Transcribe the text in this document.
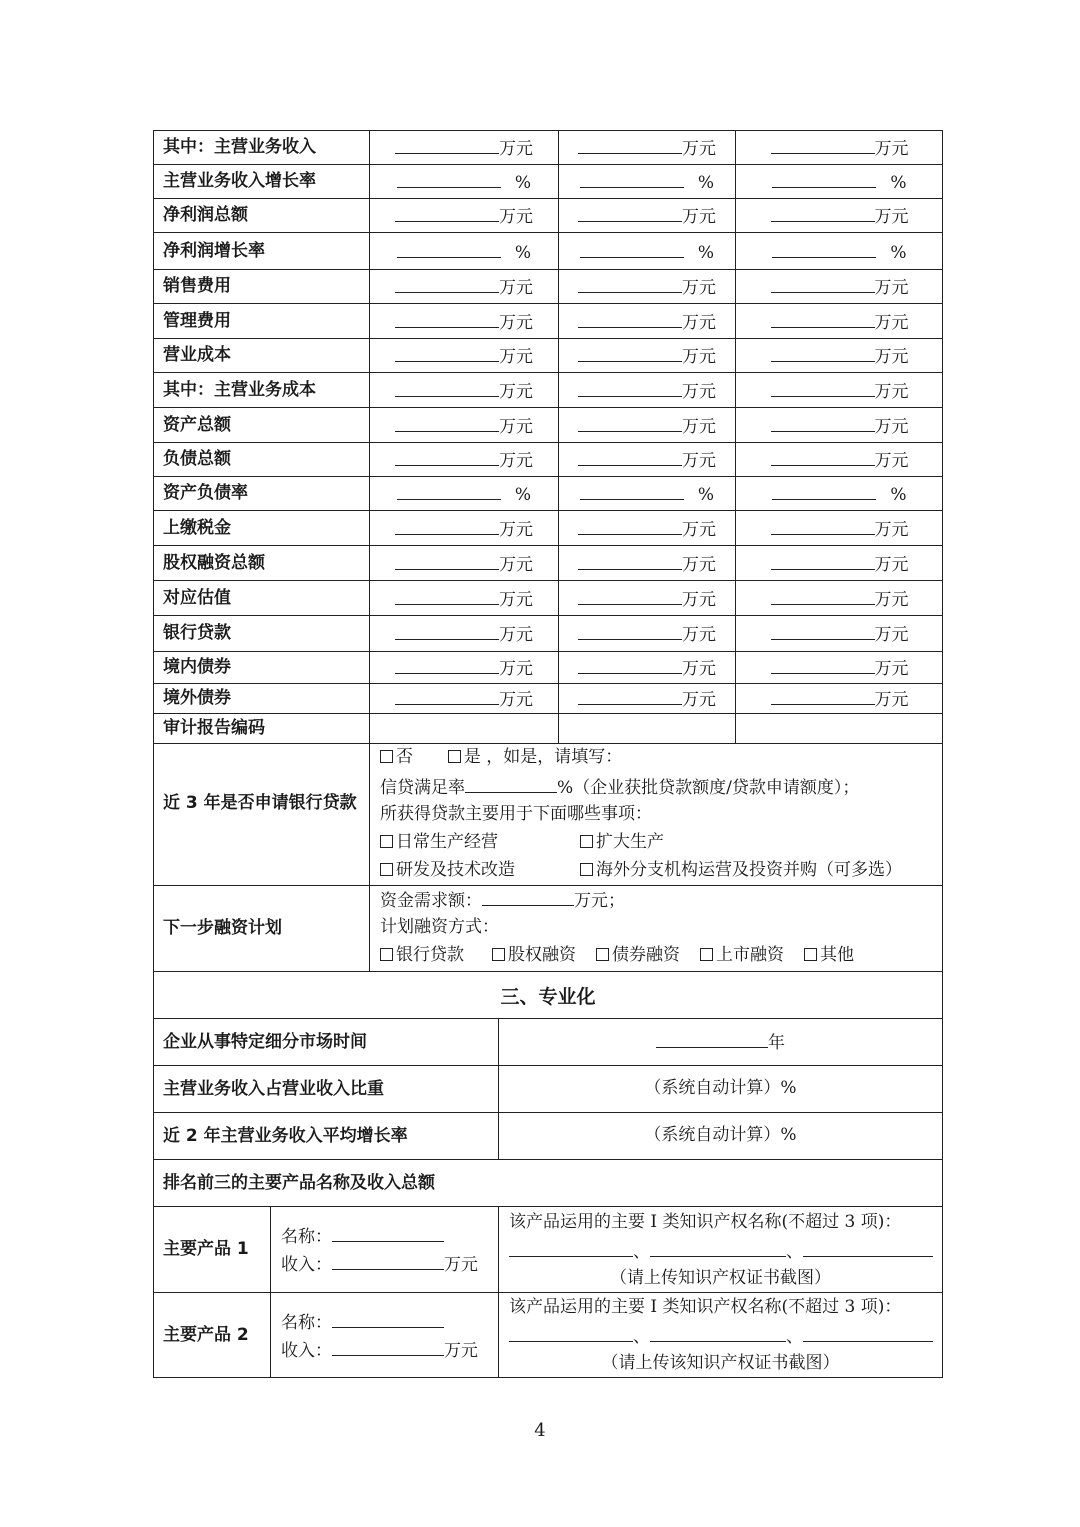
其中：主营业务收入	万元	万元	万元
主营业务收入增长率	%	%	%
净利润总额	万元	万元	万元
净利润增长率	%	%	%
销售费用	万元	万元	万元
管理费用	万元	万元	万元
营业成本	万元	万元	万元
其中：主营业务成本	万元	万元	万元
资产总额	万元	万元	万元
负债总额	万元	万元	万元
资产负债率	%	%	%
上缴税金	万元	万元	万元
股权融资总额	万元	万元	万元
对应估值	万元	万元	万元
银行贷款	万元	万元	万元
境内债券	万元	万元	万元
境外债券	万元	万元	万元
审计报告编码
近 3 年是否申请银行贷款
否	是 ，如是，请填写：
信贷满足率	%（企业获批贷款额度/贷款申请额度）；
所获得贷款主要用于下面哪些事项：
日常生产经营	扩大生产
研发及技术改造	海外分支机构运营及投资并购（可多选）
下一步融资计划
资金需求额：	万元；
计划融资方式：
银行贷款	股权融资 债券融资 上市融资 其他
三、专业化
企业从事特定细分市场时间	年
主营业务收入占营业收入比重	（系统自动计算）%
近 2 年主营业务收入平均增长率	（系统自动计算）%
排名前三的主要产品名称及收入总额
主要产品 1
名称：
收入：	万元
该产品运用的主要 I 类知识产权名称(不超过 3 项)：
、	、
（请上传知识产权证书截图）
主要产品 2
名称：
收入：	万元
该产品运用的主要 I 类知识产权名称(不超过 3 项)：
、	、
（请上传该知识产权证书截图）
4
